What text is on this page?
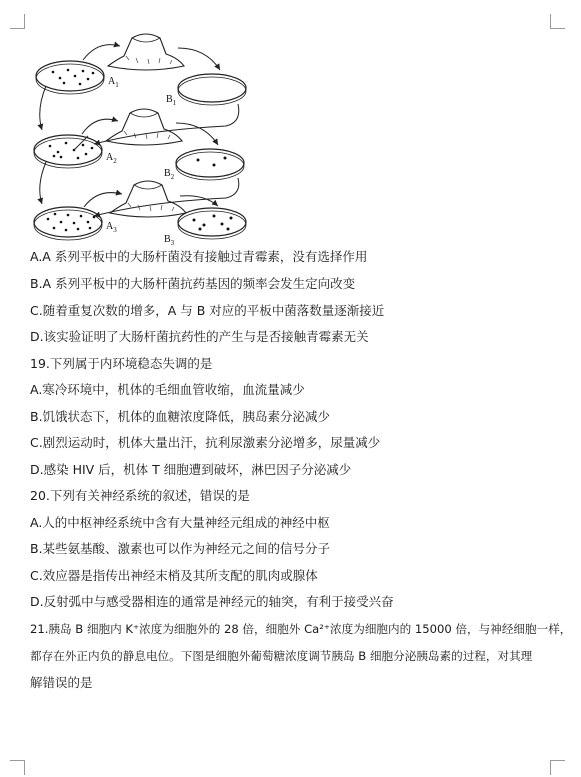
$A_1$
$B_1$
$A_2$
$B_2$
$A_3$
$B_3$
A.A 系列平板中的大肠杆菌没有接触过青霉素，没有选择作用
B.A 系列平板中的大肠杆菌抗药基因的频率会发生定向改变
C.随着重复次数的增多，A 与 B 对应的平板中菌落数量逐渐接近
D.该实验证明了大肠杆菌抗药性的产生与是否接触青霉素无关
19.下列属于内环境稳态失调的是
A.寒冷环境中，机体的毛细血管收缩，血流量减少
B.饥饿状态下，机体的血糖浓度降低，胰岛素分泌减少
C.剧烈运动时，机体大量出汗，抗利尿激素分泌增多，尿量减少
D.感染 HIV 后，机体 T 细胞遭到破坏，淋巴因子分泌减少
20.下列有关神经系统的叙述，错误的是
A.人的中枢神经系统中含有大量神经元组成的神经中枢
B.某些氨基酸、激素也可以作为神经元之间的信号分子
C.效应器是指传出神经末梢及其所支配的肌肉或腺体
D.反射弧中与感受器相连的通常是神经元的轴突，有利于接受兴奋
21.胰岛 B 细胞内 K⁺浓度为细胞外的 28 倍，细胞外 Ca²⁺浓度为细胞内的 15000 倍，与神经细胞一样，
都存在外正内负的静息电位。下图是细胞外葡萄糖浓度调节胰岛 B 细胞分泌胰岛素的过程，对其理
解错误的是
